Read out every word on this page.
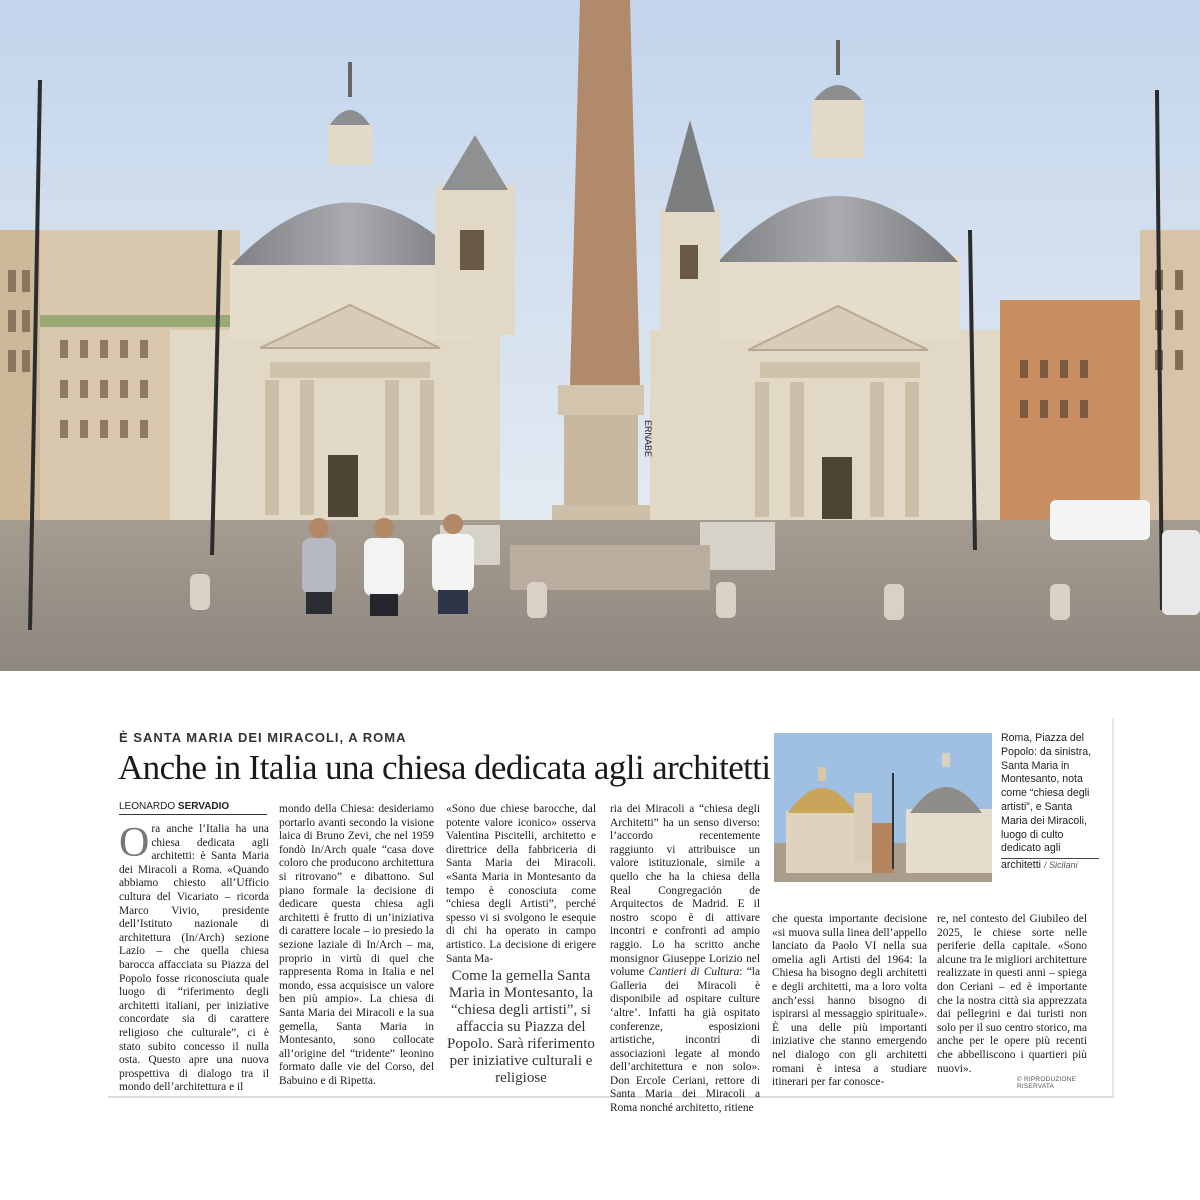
ERNABE
È SANTA MARIA DEI MIRACOLI, A ROMA
Anche in Italia una chiesa dedicata agli architetti
LEONARDO SERVADIO
Ora anche l’Italia ha una chiesa dedicata agli architetti: è Santa Maria dei Miracoli a Roma. «Quando abbiamo chiesto all’Ufficio cultura del Vicariato – ricorda Marco Vivio, presidente dell’Istituto nazionale di architettura (In/Arch) sezione Lazio – che quella chiesa barocca affacciata su Piazza del Popolo fosse riconosciuta quale luogo di “riferimento degli architetti italiani, per iniziative concordate sia di carattere religioso che culturale”, ci è stato subito concesso il nulla osta. Questo apre una nuova prospettiva di dialogo tra il mondo dell’architettura e il
mondo della Chiesa: desideriamo portarlo avanti secondo la visione laica di Bruno Zevi, che nel 1959 fondò In/Arch quale “casa dove coloro che producono architettura si ritrovano” e dibattono. Sul piano formale la decisione di dedicare questa chiesa agli architetti è frutto di un’iniziativa di carattere locale – io presiedo la sezione laziale di In/Arch – ma, proprio in virtù di quel che rappresenta Roma in Italia e nel mondo, essa acquisisce un valore ben più ampio». La chiesa di Santa Maria dei Miracoli e la sua gemella, Santa Maria in Montesanto, sono collocate all’origine del “tridente” leonino formato dalle vie del Corso, del Babuino e di Ripetta.
«Sono due chiese barocche, dal potente valore iconico» osserva Valentina Piscitelli, architetto e direttrice della fabbriceria di Santa Maria dei Miracoli. «Santa Maria in Montesanto da tempo è conosciuta come “chiesa degli Artisti”, perché spesso vi si svolgono le esequie di chi ha operato in campo artistico. La decisione di erigere Santa Ma-
Come la gemella Santa Maria in Montesanto, la “chiesa degli artisti”, si affaccia su Piazza del Popolo. Sarà riferimento per iniziative culturali e religiose
ria dei Miracoli a “chiesa degli Architetti” ha un senso diverso: l’accordo recentemente raggiunto vi attribuisce un valore istituzionale, simile a quello che ha la chiesa della Real Congregación de Arquitectos de Madrid. E il nostro scopo è di attivare incontri e confronti ad ampio raggio. Lo ha scritto anche monsignor Giuseppe Lorizio nel volume Cantieri di Cultura: “la Galleria dei Miracoli è disponibile ad ospitare culture ‘altre’. Infatti ha già ospitato conferenze, esposizioni artistiche, incontri di associazioni legate al mondo dell’architettura e non solo». Don Ercole Ceriani, rettore di Santa Maria dei Miracoli a Roma nonché architetto, ritiene
che questa importante decisione «si muova sulla linea dell’appello lanciato da Paolo VI nella sua omelia agli Artisti del 1964: la Chiesa ha bisogno degli architetti e degli architetti, ma a loro volta anch’essi hanno bisogno di ispirarsi al messaggio spirituale». È una delle più importanti iniziative che stanno emergendo nel dialogo con gli architetti romani è intesa a studiare itinerari per far conosce-
re, nel contesto del Giubileo del 2025, le chiese sorte nelle periferie della capitale. «Sono alcune tra le migliori architetture realizzate in questi anni – spiega don Ceriani – ed è importante che la nostra città sia apprezzata dai pellegrini e dai turisti non solo per il suo centro storico, ma anche per le opere più recenti che abbelliscono i quartieri più nuovi».
Roma, Piazza del Popolo: da sinistra, Santa Maria in Montesanto, nota come “chiesa degli artisti”, e Santa Maria dei Miracoli, luogo di culto dedicato agli
architetti / Sicilani
© RIPRODUZIONE RISERVATA
